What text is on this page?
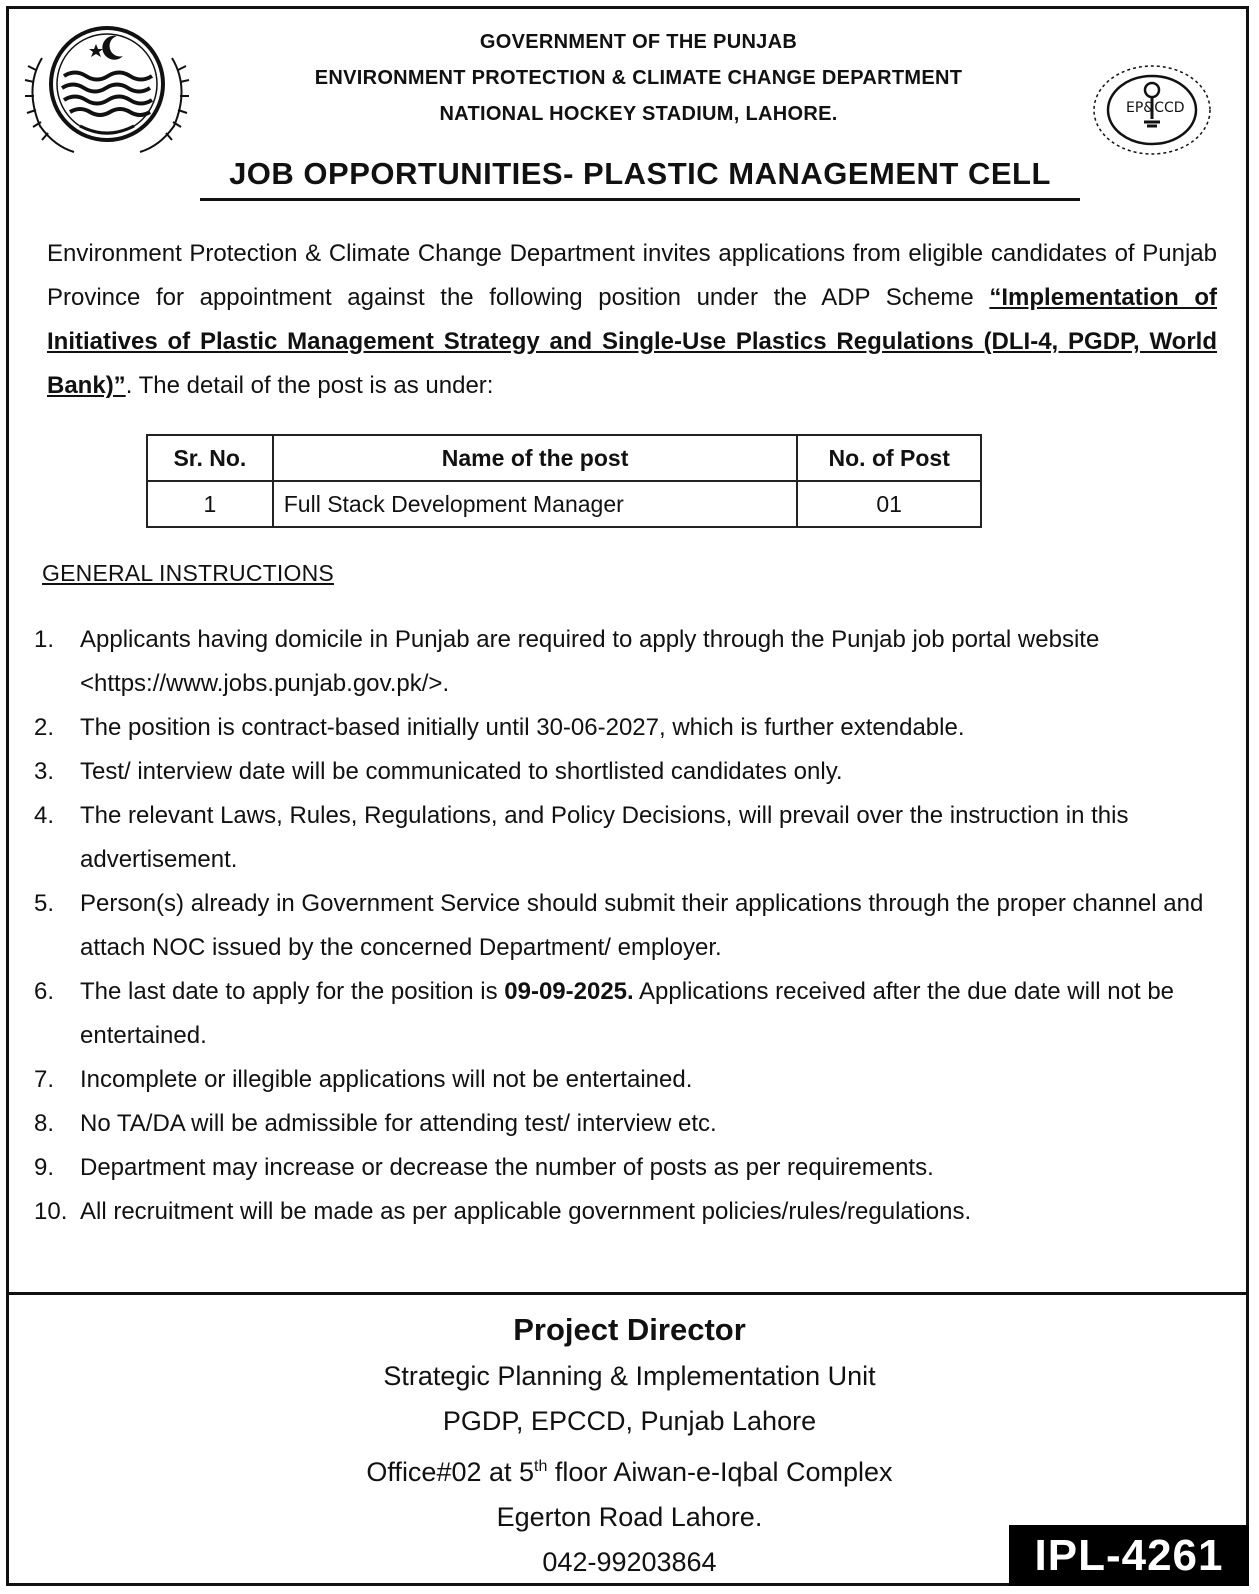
EP&CCD
GOVERNMENT OF THE PUNJAB
ENVIRONMENT PROTECTION & CLIMATE CHANGE DEPARTMENT
NATIONAL HOCKEY STADIUM, LAHORE.
JOB OPPORTUNITIES- PLASTIC MANAGEMENT CELL
Environment Protection & Climate Change Department invites applications from eligible candidates of Punjab Province for appointment against the following position under the ADP Scheme “Implementation of Initiatives of Plastic Management Strategy and Single-Use Plastics Regulations (DLI-4, PGDP, World Bank)”. The detail of the post is as under:
Sr. No.	Name of the post	No. of Post
1	Full Stack Development Manager	01
GENERAL INSTRUCTIONS
1. Applicants having domicile in Punjab are required to apply through the Punjab job portal website <https://www.jobs.punjab.gov.pk/>.
2. The position is contract-based initially until 30-06-2027, which is further extendable.
3. Test/ interview date will be communicated to shortlisted candidates only.
4. The relevant Laws, Rules, Regulations, and Policy Decisions, will prevail over the instruction in this advertisement.
5. Person(s) already in Government Service should submit their applications through the proper channel and attach NOC issued by the concerned Department/ employer.
6. The last date to apply for the position is 09-09-2025. Applications received after the due date will not be entertained.
7. Incomplete or illegible applications will not be entertained.
8. No TA/DA will be admissible for attending test/ interview etc.
9. Department may increase or decrease the number of posts as per requirements.
10. All recruitment will be made as per applicable government policies/rules/regulations.
Project Director
Strategic Planning & Implementation Unit
PGDP, EPCCD, Punjab Lahore
Office#02 at 5th floor Aiwan-e-Iqbal Complex
Egerton Road Lahore.
042-99203864	IPL-4261
